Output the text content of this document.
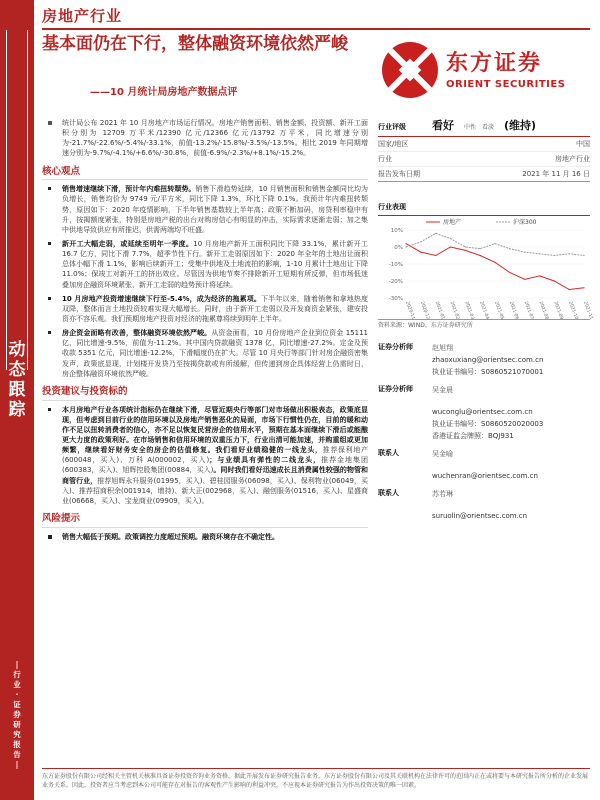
动
态
跟
踪
|
行
业
·
证
券
研
究
报
告
|
房地产行业
基本面仍在下行，整体融资环境依然严峻
——10 月统计局房地产数据点评
东方证券
ORIENT SECURITIES
统计局公布 2021 年 10 月房地产市场运行情况。房地产销售面积、销售金额、投资额、新开工面积分别为 12709 万平米/12390 亿元/12366 亿元/13792 万平米，同比增速分别为-21.7%/-22.6%/-5.4%/-33.1%，前值-13.2%/-15.8%/-3.5%/-13.5%。相比 2019 年同期增速分别为-9.7%/-4.1%/+6.6%/-30.8%，前值-6.9%/-2.3%/+8.1%/-15.2%。
核心观点
销售增速继续下滑，预计年内难扭转颓势。销售下滑趋势延续，10 月销售面积和销售金额同比均为负增长，销售均价为 9749 元/平方米，同比下降 1.3%，环比下降 0.1%。我预计年内难扭转颓势，原因如下：2020 年疫情影响，下半年销售基数较上半年高；政策不断加码，房贷利率稳中有升，按揭额度紧张，特别是房地产税的出台对购房信心有明显的冲击，实际需求逐渐走弱；加之集中供地导致供应有所推迟，供需两端均不旺盛。
新开工大幅走弱，或延续至明年一季度。10 月房地产新开工面积同比下降 33.1%，累计新开工 16.7 亿方，同比下滑 7.7%，超季节性下行。新开工走弱原因如下：2020 年全年的土地出让面积总体小幅下滑 1.1%，影响后续新开工；受集中供地及土地流拍的影响，1-10 月累计土地出让下降 11.0%；保竣工对新开工的挤出效应。尽管因为供地节奏不排除新开工短期有所反弹，但市场低迷叠加房企融资环境紧张，新开工走弱的趋势预计将延续。
10 月房地产投资增速继续下行至-5.4%，成为经济的拖累项。下半年以来，随着销售和拿地热度双降，整体而言土地投资较难实现大幅增长。同时，由于新开工走弱以及开发商资金紧张，建安投资亦不容乐观。我们预期房地产投资对经济的拖累尊将续到明年上半年。
房企资金面略有改善，整体融资环境依然严峻。从资金面看，10 月份房地产企业到位资金 15111 亿，同比增速-9.5%，前值为-11.2%。其中国内贷款融资 1378 亿，同比增速-27.2%。定金及预收款 5351 亿元，同比增速-12.2%，下滑幅度仍在扩大。尽管 10 月央行等部门针对房企融资密集发声，政策底显现，计划楼开发贷乃至按揭贷款或有所缓解，但传递到房企具体经营上仍需时日，房企整体融资环境依然严峻。
投资建议与投资标的
本月房地产行业各项统计指标仍在继续下滑，尽管近期央行等部门对市场做出积极表态，政策底显现，但考虑到目前行业的信用环境以及房地产销售恶化的局面，市场下行惯性仍在，目前的暖和动作不足以扭转消费者的信心，亦不足以恢复民营房企的信用水平，预期在基本面继续下滑后或能酿更大力度的政策利好。在市场销售和信用环境的双重压力下，行业出清可能加速，并购重组或更加频繁，继续看好财务安全的房企的估值修复。我们看好业绩稳健的一线龙头，推荐保利地产(600048，买入)、万科 A(000002，买入)；与业绩具有弹性的二线龙头，推荐金地集团(600383，买入)、旭辉控股集团(00884，买入)。同时我们看好迅速成长且消费属性较强的物管和商管行业，推荐旭辉永升服务(01995，买入)、碧桂园服务(06098，买入)、保利物业(06049，买入)、推荐招商积余(001914，增持)、新大正(002968，买入)、融创服务(01516，买入)、星盛商业(06668，买入)、宝龙商业(09909，买入)。
风险提示
销售大幅低于预期。政策调控力度超过预期。融资环境存在不确定性。
行业评级	看好	中性 看淡 (维持)
国家/地区	中国
行业	房地产行业
报告发布日期	2021 年 11 月 16 日
行业表现
-30%
-20%
-10%
0%
10%
2020-11 2020-12 2021-01 2021-02 2021-03 2021-04 2021-05 2021-06 2021-07 2021-08 2021-09 2021-10 2021-11
房地产	沪深300
资料来源：WIND、东方证券研究所
证券分析师	赵旭翔
zhaoxuxiang@orientsec.com.cn
执业证书编号：S0860521070001
证券分析师	吴金晨
wuconglu@orientsec.com.cn
执业证书编号：S0860520020003
香港证监会牌照：BQJ931
联系人	吴金喻
wuchenran@orientsec.com.cn
联系人	苏若琳
suruolin@orientsec.com.cn
东方证券股份有限公司经相关主管机关核准具备证券投资咨询业务资格，据此开展发布证券研究报告业务。东方证券股份有限公司及其关联机构在法律许可的范围内正在或将要与本研究报告所分析的企业发展业务关系。因此，投资者应当考虑到本公司可能存在对报告的客观性产生影响的利益冲突，不应视本证券研究报告为作出投资决策的唯一因素。
